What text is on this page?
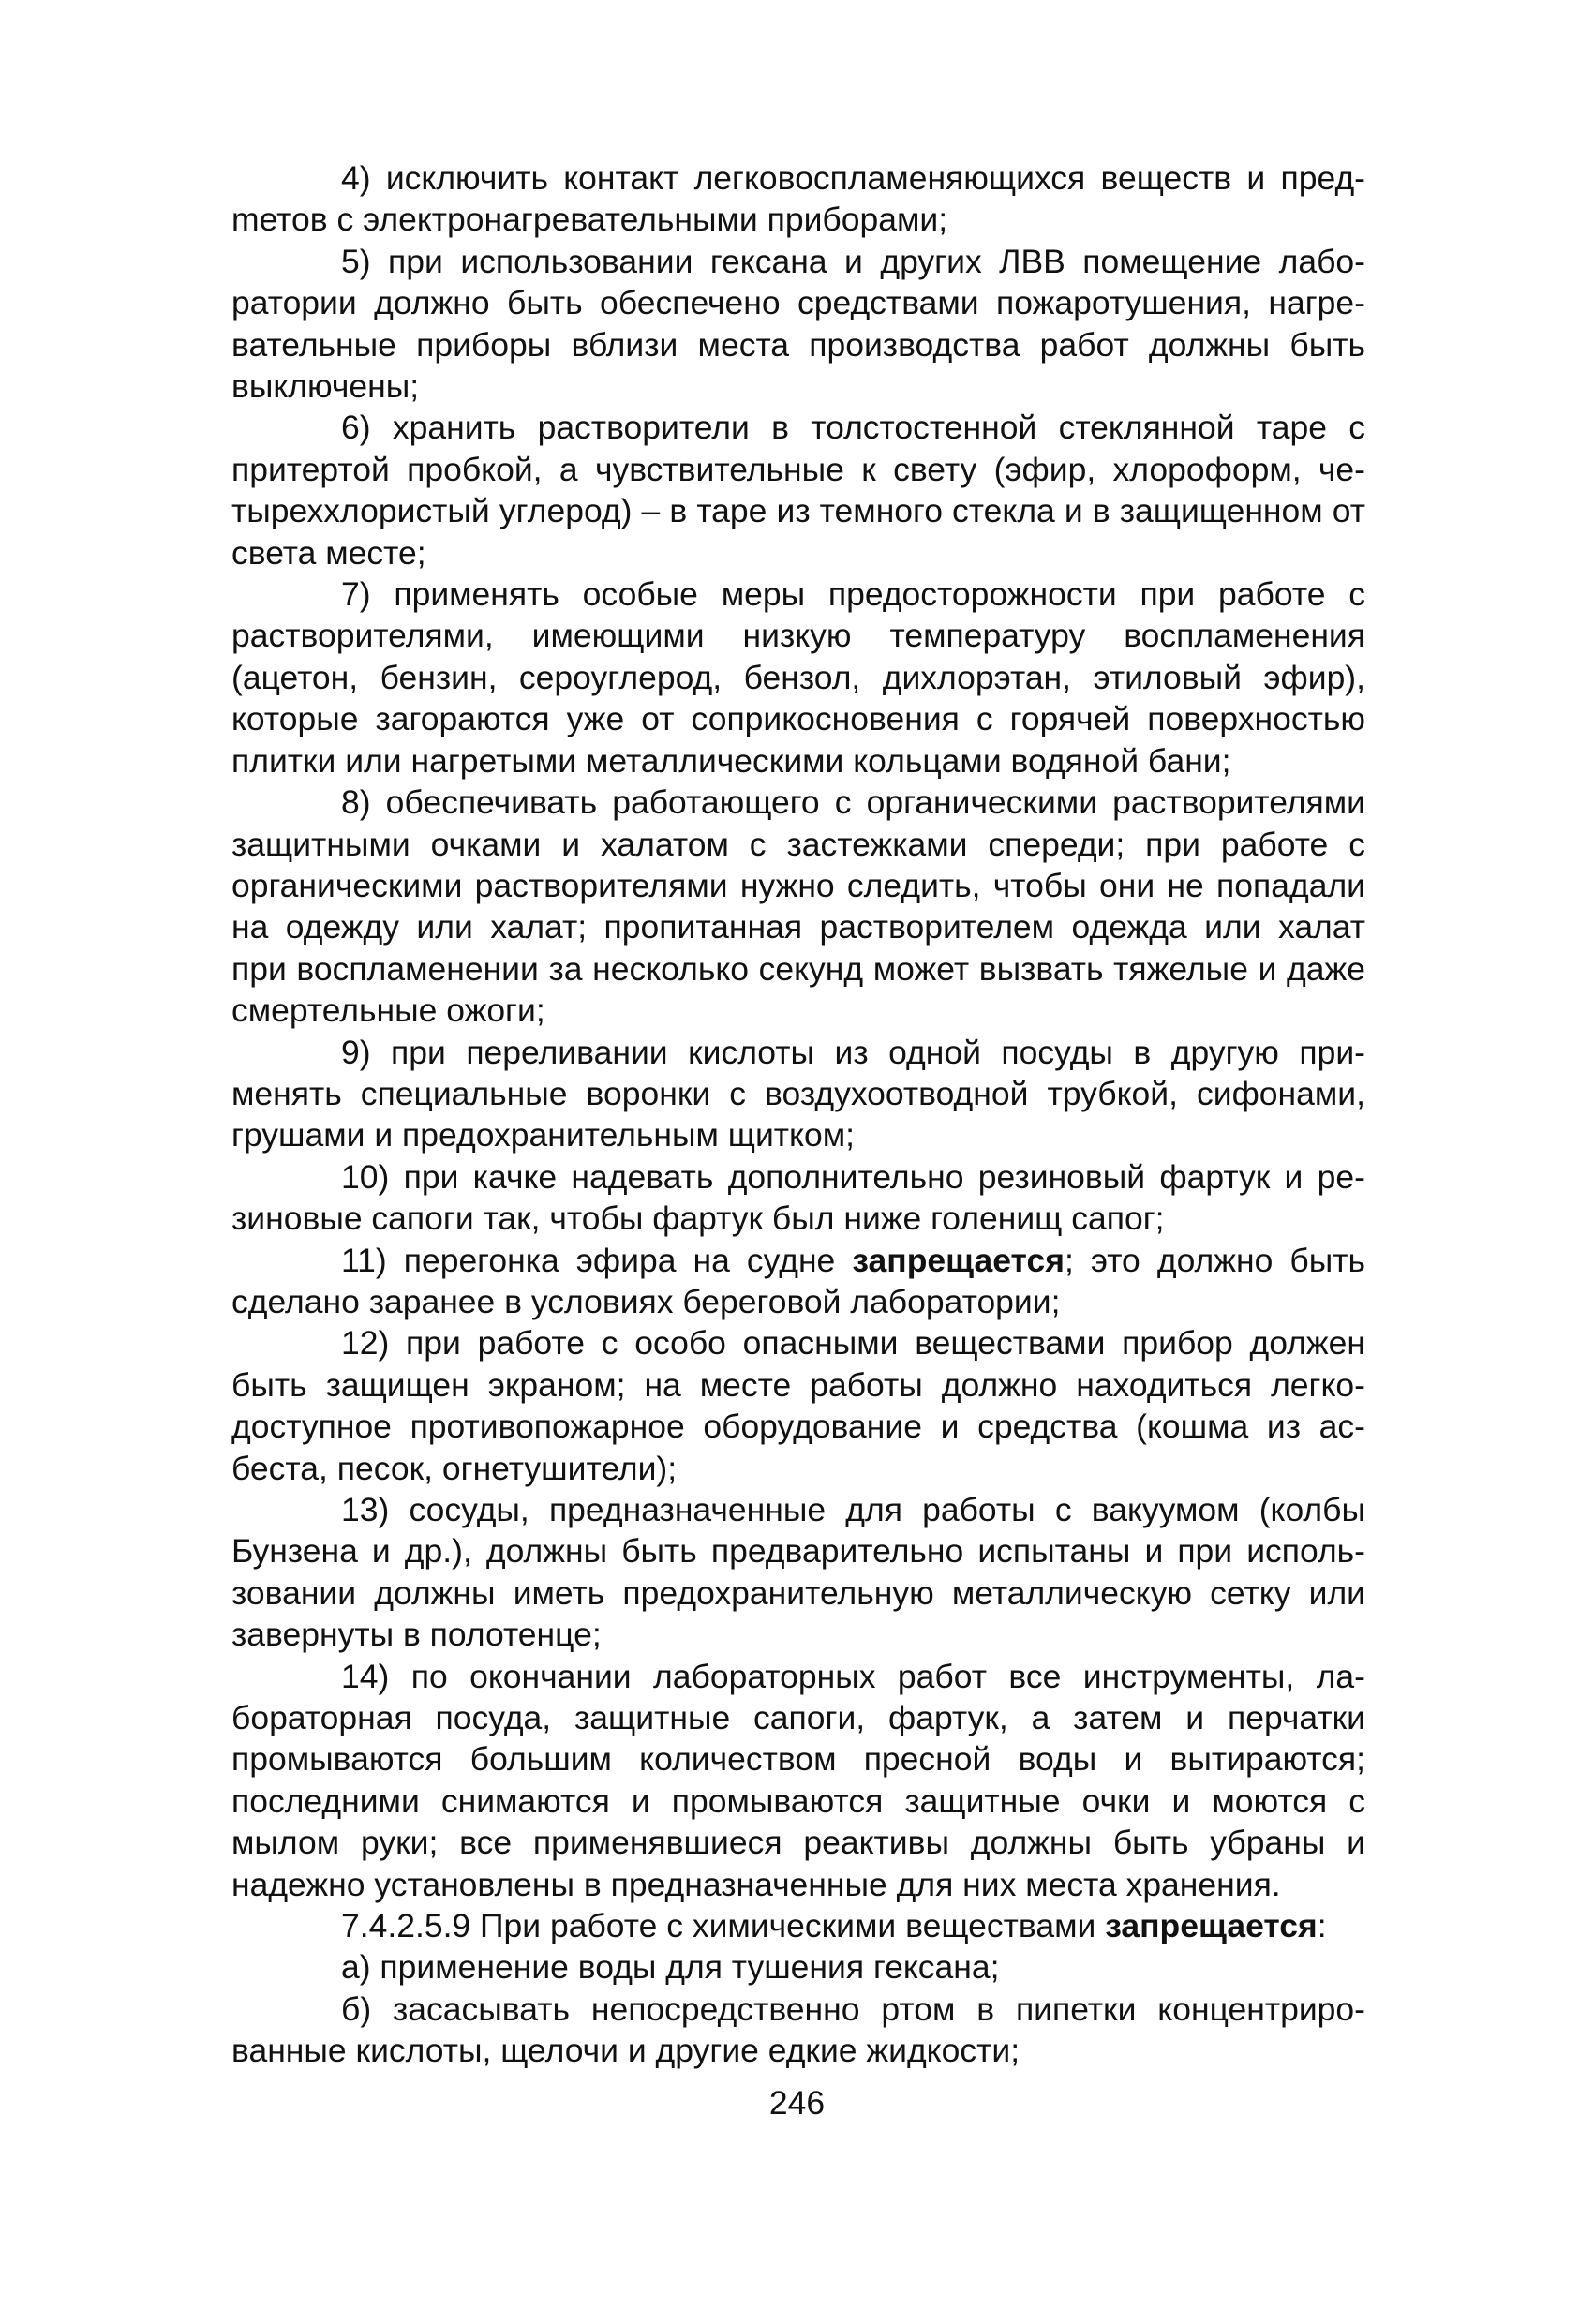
4) исключить контакт легковоспламеняющихся веществ и предmетов с электронагревательными приборами;

5) при использовании гексана и других ЛВВ помещение лаборатории должно быть обеспечено средствами пожаротушения, нагревательные приборы вблизи места производства работ должны быть выключены;

6) хранить растворители в толстостенной стеклянной таре с притертой пробкой, а чувствительные к свету (эфир, хлороформ, четыреххлористый углерод) – в таре из темного стекла и в защищенном от света месте;

7) применять особые меры предосторожности при работе с растворителями, имеющими низкую температуру воспламенения (ацетон, бензин, сероуглерод, бензол, дихлорэтан, этиловый эфир), которые загораются уже от соприкосновения с горячей поверхностью плитки или нагретыми металлическими кольцами водяной бани;

8) обеспечивать работающего с органическими растворителями защитными очками и халатом с застежками спереди; при работе с органическими растворителями нужно следить, чтобы они не попадали на одежду или халат; пропитанная растворителем одежда или халат при воспламенении за несколько секунд может вызвать тяжелые и даже смертельные ожоги;

9) при переливании кислоты из одной посуды в другую применять специальные воронки с воздухоотводной трубкой, сифонами, грушами и предохранительным щитком;

10) при качке надевать дополнительно резиновый фартук и резиновые сапоги так, чтобы фартук был ниже голенищ сапог;

11) перегонка эфира на судне запрещается; это должно быть сделано заранее в условиях береговой лаборатории;

12) при работе с особо опасными веществами прибор должен быть защищен экраном; на месте работы должно находиться легкодоступное противопожарное оборудование и средства (кошма из асбеста, песок, огнетушители);

13) сосуды, предназначенные для работы с вакуумом (колбы Бунзена и др.), должны быть предварительно испытаны и при использовании должны иметь предохранительную металлическую сетку или завернуты в полотенце;

14) по окончании лабораторных работ все инструменты, лабораторная посуда, защитные сапоги, фартук, а затем и перчатки промываются большим количеством пресной воды и вытираются; последними снимаются и промываются защитные очки и моются с мылом руки; все применявшиеся реактивы должны быть убраны и надежно установлены в предназначенные для них места хранения.

7.4.2.5.9 При работе с химическими веществами запрещается:

а) применение воды для тушения гексана;

б) засасывать непосредственно ртом в пипетки концентрированные кислоты, щелочи и другие едкие жидкости;

246
